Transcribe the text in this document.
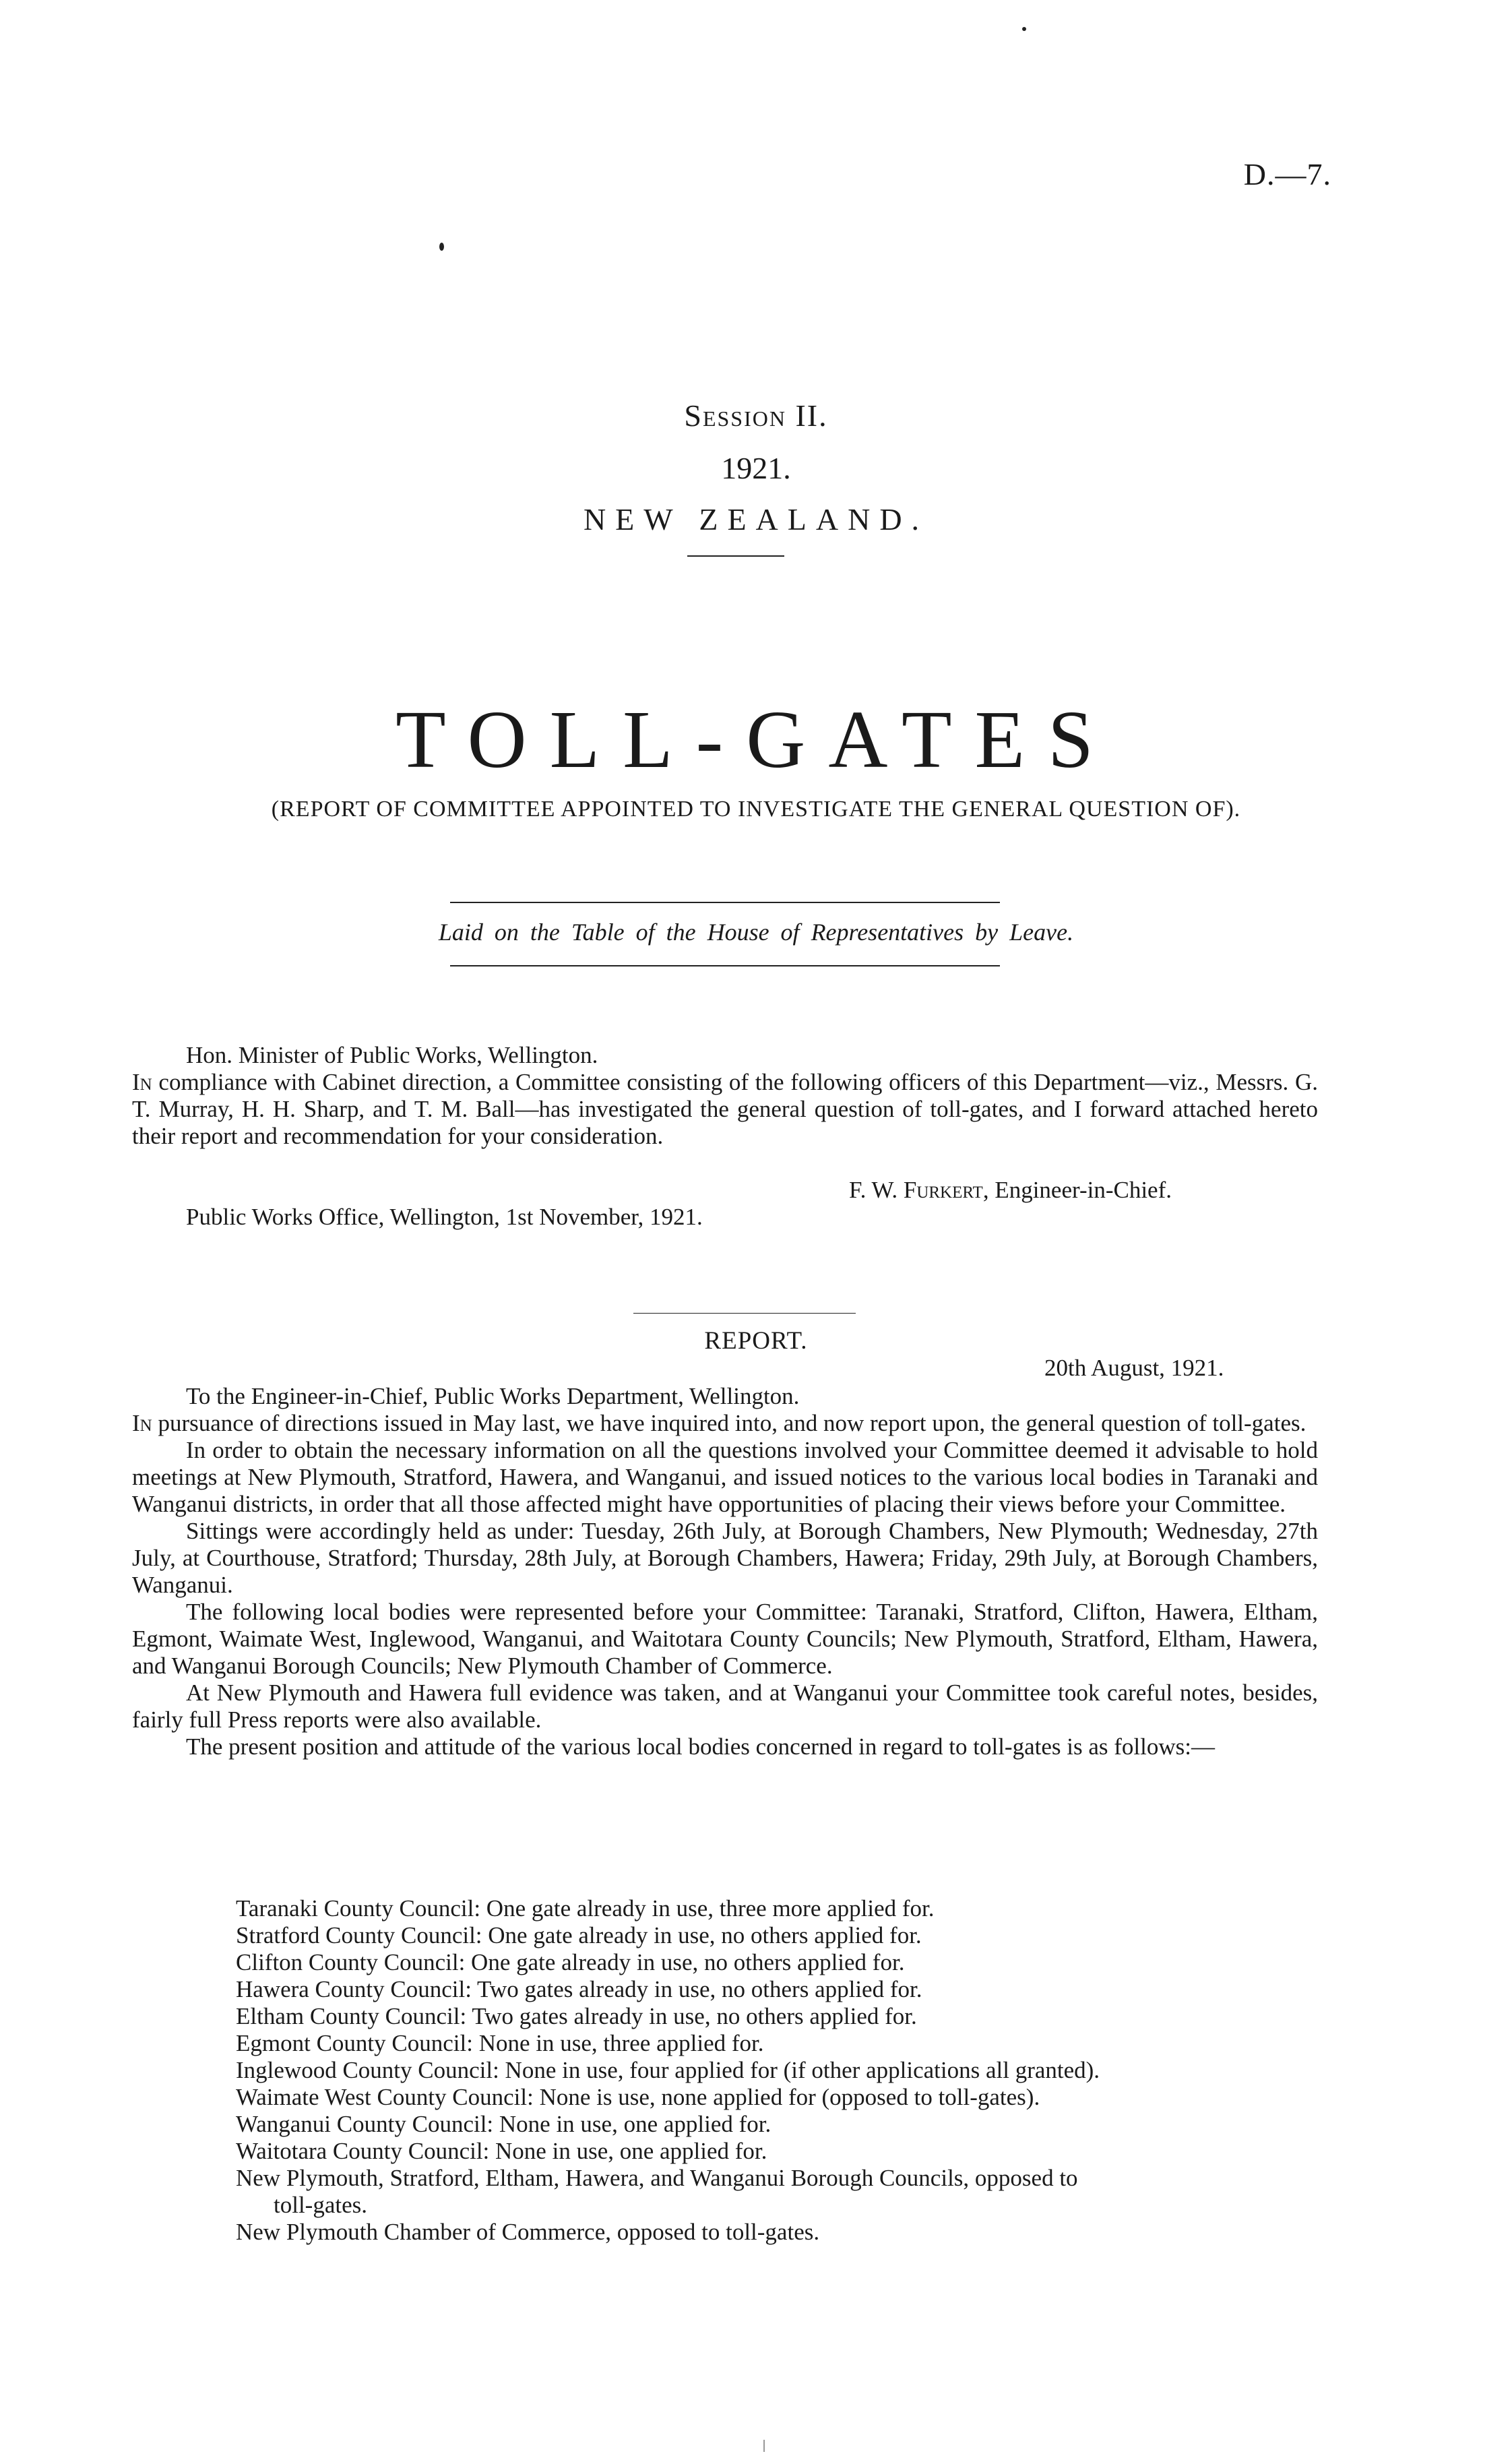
D.—7.
Session II.
1921.
NEW ZEALAND.
TOLL-GATES
(REPORT OF COMMITTEE APPOINTED TO INVESTIGATE THE GENERAL QUESTION OF).
Laid on the Table of the House of Representatives by Leave.
Hon. Minister of Public Works, Wellington.

In compliance with Cabinet direction, a Committee consisting of the following officers of this Department—viz., Messrs. G. T. Murray, H. H. Sharp, and T. M. Ball—has investigated the general question of toll-gates, and I forward attached hereto their report and recommendation for your consideration.

F. W. Furkert, Engineer-in-Chief.
Public Works Office, Wellington, 1st November, 1921.
REPORT.
20th August, 1921.
To the Engineer-in-Chief, Public Works Department, Wellington.

In pursuance of directions issued in May last, we have inquired into, and now report upon, the general question of toll-gates.

In order to obtain the necessary information on all the questions involved your Committee deemed it advisable to hold meetings at New Plymouth, Stratford, Hawera, and Wanganui, and issued notices to the various local bodies in Taranaki and Wanganui districts, in order that all those affected might have opportunities of placing their views before your Committee.

Sittings were accordingly held as under: Tuesday, 26th July, at Borough Chambers, New Plymouth; Wednesday, 27th July, at Courthouse, Stratford; Thursday, 28th July, at Borough Chambers, Hawera; Friday, 29th July, at Borough Chambers, Wanganui.

The following local bodies were represented before your Committee: Taranaki, Stratford, Clifton, Hawera, Eltham, Egmont, Waimate West, Inglewood, Wanganui, and Waitotara County Councils; New Plymouth, Stratford, Eltham, Hawera, and Wanganui Borough Councils; New Plymouth Chamber of Commerce.

At New Plymouth and Hawera full evidence was taken, and at Wanganui your Committee took careful notes, besides, fairly full Press reports were also available.

The present position and attitude of the various local bodies concerned in regard to toll-gates is as follows:—

Taranaki County Council: One gate already in use, three more applied for.
Stratford County Council: One gate already in use, no others applied for.
Clifton County Council: One gate already in use, no others applied for.
Hawera County Council: Two gates already in use, no others applied for.
Eltham County Council: Two gates already in use, no others applied for.
Egmont County Council: None in use, three applied for.
Inglewood County Council: None in use, four applied for (if other applications all granted).
Waimate West County Council: None is use, none applied for (opposed to toll-gates).
Wanganui County Council: None in use, one applied for.
Waitotara County Council: None in use, one applied for.
New Plymouth, Stratford, Eltham, Hawera, and Wanganui Borough Councils, opposed to
toll-gates.
New Plymouth Chamber of Commerce, opposed to toll-gates.
